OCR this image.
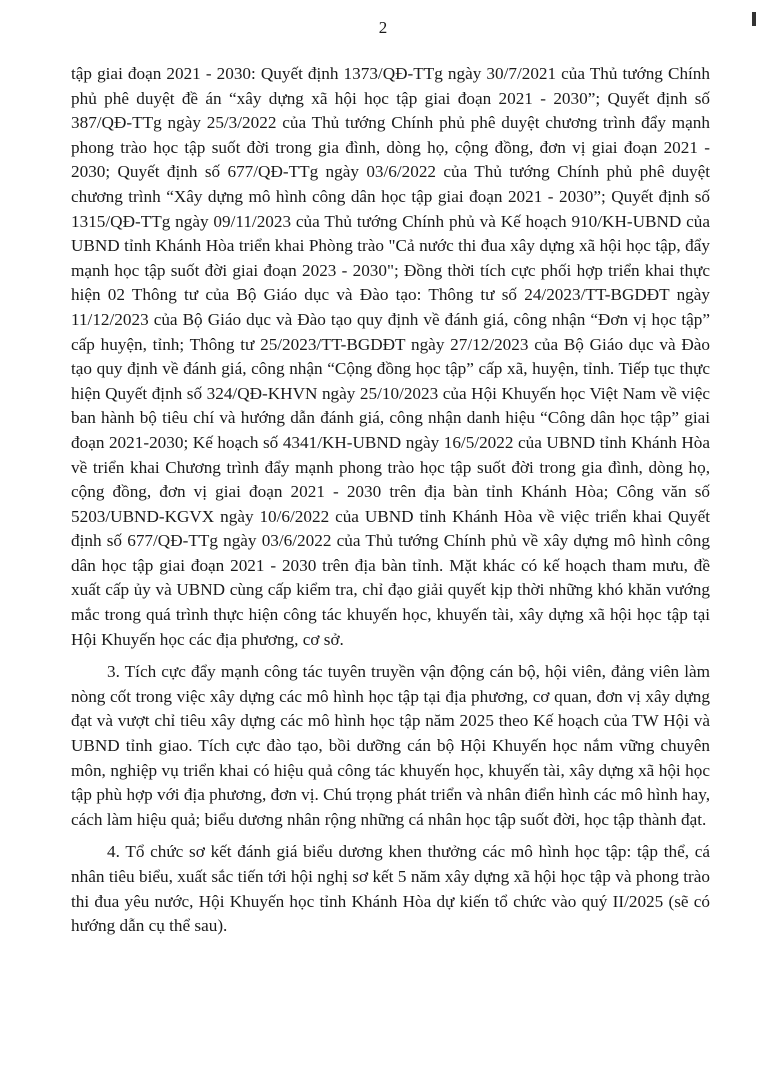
2

tập giai đoạn 2021 - 2030: Quyết định 1373/QĐ-TTg ngày 30/7/2021 của Thủ tướng Chính phủ phê duyệt đề án “xây dựng xã hội học tập giai đoạn 2021 - 2030”; Quyết định số 387/QĐ-TTg ngày 25/3/2022 của Thủ tướng Chính phủ phê duyệt chương trình đẩy mạnh phong trào học tập suốt đời trong gia đình, dòng họ, cộng đồng, đơn vị giai đoạn 2021 - 2030; Quyết định số 677/QĐ-TTg ngày 03/6/2022 của Thủ tướng Chính phủ phê duyệt chương trình “Xây dựng mô hình công dân học tập giai đoạn 2021 - 2030”; Quyết định số 1315/QĐ-TTg ngày 09/11/2023 của Thủ tướng Chính phủ và Kế hoạch 910/KH-UBND của UBND tỉnh Khánh Hòa triển khai Phòng trào "Cả nước thi đua xây dựng xã hội học tập, đẩy mạnh học tập suốt đời giai đoạn 2023 - 2030"; Đồng thời tích cực phối hợp triển khai thực hiện 02 Thông tư của Bộ Giáo dục và Đào tạo: Thông tư số 24/2023/TT-BGDĐT ngày 11/12/2023 của Bộ Giáo dục và Đào tạo quy định về đánh giá, công nhận “Đơn vị học tập” cấp huyện, tỉnh; Thông tư 25/2023/TT-BGDĐT ngày 27/12/2023 của Bộ Giáo dục và Đào tạo quy định về đánh giá, công nhận “Cộng đồng học tập” cấp xã, huyện, tỉnh. Tiếp tục thực hiện Quyết định số 324/QĐ-KHVN ngày 25/10/2023 của Hội Khuyến học Việt Nam về việc ban hành bộ tiêu chí và hướng dẫn đánh giá, công nhận danh hiệu “Công dân học tập” giai đoạn 2021-2030; Kế hoạch số 4341/KH-UBND ngày 16/5/2022 của UBND tỉnh Khánh Hòa về triển khai Chương trình đẩy mạnh phong trào học tập suốt đời trong gia đình, dòng họ, cộng đồng, đơn vị giai đoạn 2021 - 2030 trên địa bàn tỉnh Khánh Hòa; Công văn số 5203/UBND-KGVX ngày 10/6/2022 của UBND tỉnh Khánh Hòa về việc triển khai Quyết định số 677/QĐ-TTg ngày 03/6/2022 của Thủ tướng Chính phủ về xây dựng mô hình công dân học tập giai đoạn 2021 - 2030 trên địa bàn tỉnh. Mặt khác có kế hoạch tham mưu, đề xuất cấp ủy và UBND cùng cấp kiểm tra, chỉ đạo giải quyết kịp thời những khó khăn vướng mắc trong quá trình thực hiện công tác khuyến học, khuyến tài, xây dựng xã hội học tập tại Hội Khuyến học các địa phương, cơ sở.

3. Tích cực đẩy mạnh công tác tuyên truyền vận động cán bộ, hội viên, đảng viên làm nòng cốt trong việc xây dựng các mô hình học tập tại địa phương, cơ quan, đơn vị xây dựng đạt và vượt chỉ tiêu xây dựng các mô hình học tập năm 2025 theo Kế hoạch của TW Hội và UBND tỉnh giao. Tích cực đào tạo, bồi dưỡng cán bộ Hội Khuyến học nắm vững chuyên môn, nghiệp vụ triển khai có hiệu quả công tác khuyến học, khuyến tài, xây dựng xã hội học tập phù hợp với địa phương, đơn vị. Chú trọng phát triển và nhân điển hình các mô hình hay, cách làm hiệu quả; biểu dương nhân rộng những cá nhân học tập suốt đời, học tập thành đạt.

4. Tổ chức sơ kết đánh giá biểu dương khen thưởng các mô hình học tập: tập thể, cá nhân tiêu biểu, xuất sắc tiến tới hội nghị sơ kết 5 năm xây dựng xã hội học tập và phong trào thi đua yêu nước, Hội Khuyến học tỉnh Khánh Hòa dự kiến tổ chức vào quý II/2025 (sẽ có hướng dẫn cụ thể sau).
